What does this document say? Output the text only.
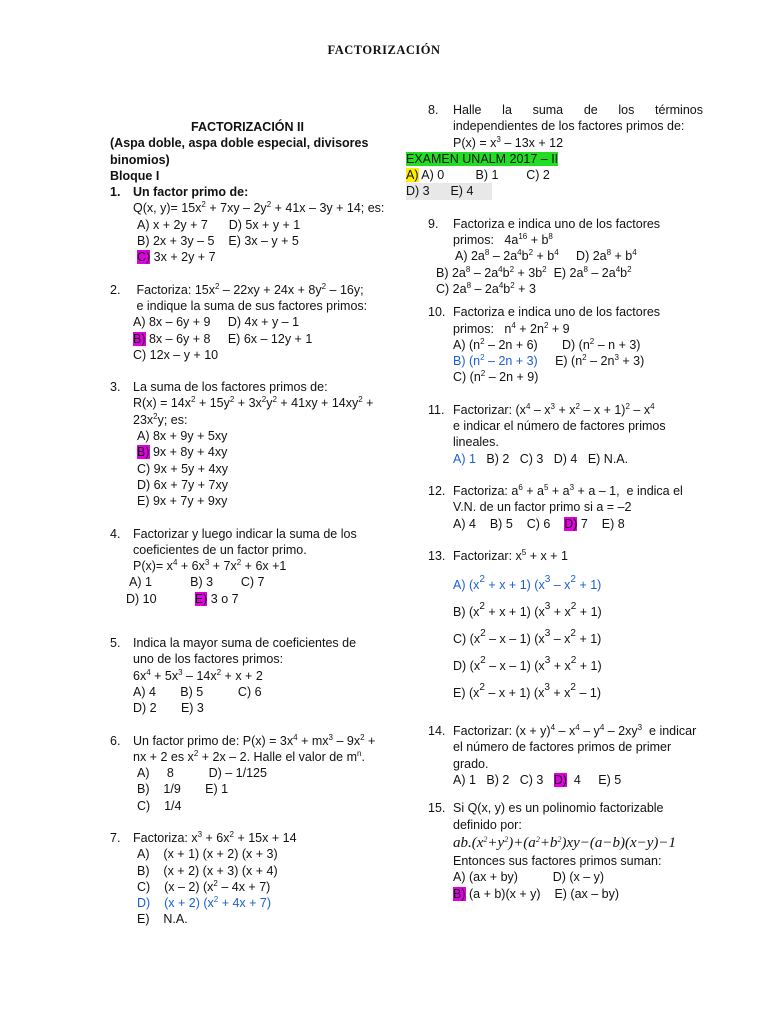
FACTORIZACIÓN
FACTORIZACIÓN II
(Aspa doble, aspa doble especial, divisores
binomios)
Bloque I
1. Un factor primo de:
Q(x, $y)= 15x^2 + 7xy - 2y^2 + 41x - 3y + 14$; es:
A) x + 2y + 7      D) 5x + y + 1
B) 2x + 3y – 5    E) 3x – y + 5
C) 3x + 2y + 7
2. Factoriza: $15x^2 - 22xy + 24x + 8y^2 - 16y$;
e indique la suma de sus factores primos:
A) 8x – 6y + 9     D) 4x + y – 1
B) 8x – 6y + 8     E) 6x – 12y + 1
C) 12x – y + 10
3. La suma de los factores primos de:
$R(x) = 14x^2 + 15y^2 + 3x^2y^2 + 41xy + 14xy^2$ +
$23x^2y$; es:
A) 8x + 9y + 5xy
B) 9x + 8y + 4xy
C) 9x + 5y + 4xy
D) 6x + 7y + 7xy
E) 9x + 7y + 9xy
4. Factorizar y luego indicar la suma de los
coeficientes de un factor primo.
$P(x)= x^4 + 6x^3 + 7x^2 + 6x +1$
A) 1	B) 3 C) 7
D) 10	E) 3 o 7
5. Indica la mayor suma de coeficientes de
uno de los factores primos:
$6x^4 + 5x^3 - 14x^2 + x + 2$
A) 4 B) 5	C) 6
D) 2 E) 3
6. Un factor primo de: $P(x) = 3x^4 + mx^3 - 9x^2$ +
nx + 2 es $x^2 + 2x - 2$. Halle el valor de $m^n$.
A) 8	D) – 1/125
B) 1/9 E) 1
C) 1/4
7. Factoriza: $x^3 + 6x^2 + 15x + 14$
A) (x + 1) (x + 2) (x + 3)
B) (x + 2) (x + 3) (x + 4)
C)    (x – 2) $(x^2 - 4x + 7)$
D)    (x + 2) $(x^2 + 4x + 7)$
E) N.A.
8. Halle la suma de los términos
independientes de los factores primos de:
$P(x) = x^3 - 13x + 12$
EXAMEN UNALM 2017 – II
A) A) 0	B) 1 C) 2
D) 3 E) 4
9. Factoriza e indica uno de los factores
primos:   $4a^{16} + b^8$
A) $2a^8 - 2a^4b^2 + b^4$     D) $2a^8 + b^4$
B) $2a^8 - 2a^4b^2 + 3b^2$  E) $2a^8 - 2a^4b^2$
C) $2a^8 - 2a^4b^2 + 3$
10. Factoriza e indica uno de los factores
primos:   $n^4 + 2n^2 + 9$
A) $(n^2 - 2n + 6)$       D) $(n^2 - n + 3)$
B) $(n^2 - 2n + 3)$     E) $(n^2 - 2n^3 + 3)$
C) $(n^2 - 2n + 9)$
11. Factorizar: $(x^4 - x^3 + x^2 - x + 1)^2 - x^4$
e indicar el número de factores primos
lineales.
A) 1 B) 2 C) 3 D) 4 E) N.A.
12. Factoriza: $a^6 + a^5 + a^3 + a - 1$,  e indica el
V.N. de un factor primo si a = –2
A) 4 B) 5 C) 6 D) 7 E) 8
13. Factorizar: $x^5 + x + 1$
A) $(x^2 + x + 1)$ $(x^3 - x^2 + 1)$
B) $(x^2 + x + 1) (x^3 + x^2 + 1)$
C) ($x^2$ – x – 1) $(x^3 - x^2 + 1)$
D) $(x^2 - x - 1) (x^3 + x^2 + 1)$
E) $(x^2 - x + 1) (x^3 + x^2 - 1)$
14. Factorizar: $(x + y)^4 - x^4 - y^4 - 2xy^3$  e indicar
el número de factores primos de primer
grado.
A) 1 B) 2 C) 3 D) 4 E) 5
15. Si Q(x, y) es un polinomio factorizable
definido por:
$ab.(x^2+y^2)+(a^2+b^2)xy-(a-b)(x-y)-1$
Entonces sus factores primos suman:
A) (ax + by)	D) (x – y)
B) (a + b)(x + y) E) (ax – by)
